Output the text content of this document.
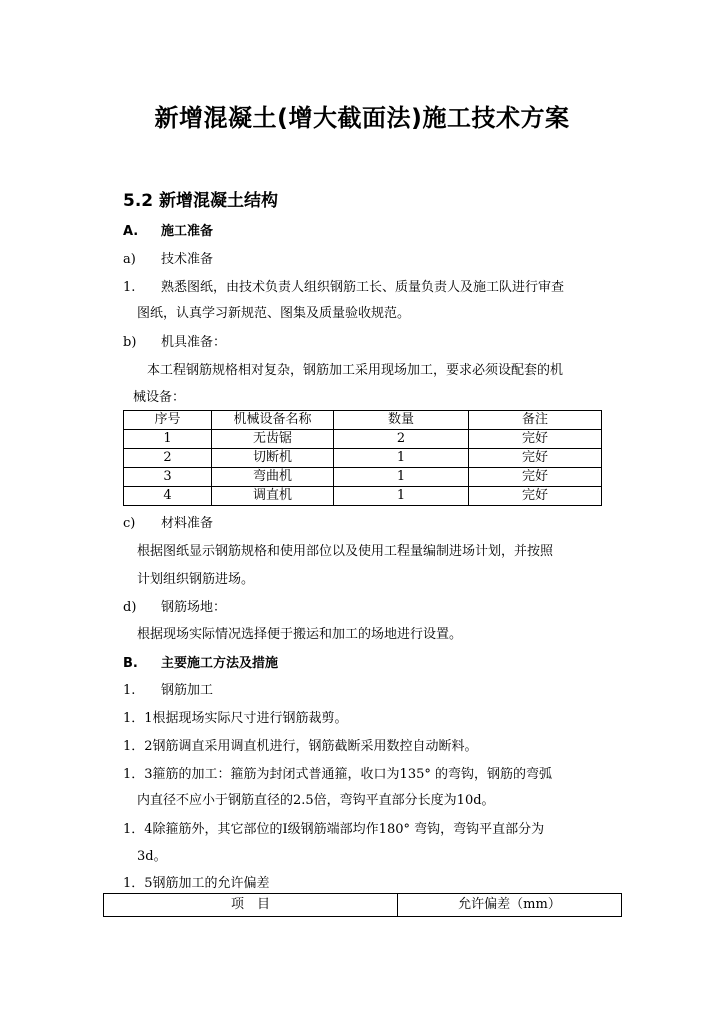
新增混凝土(增大截面法)施工技术方案
5.2 新增混凝土结构
A. 施工准备
a) 技术准备
1. 熟悉图纸，由技术负责人组织钢筋工长、质量负责人及施工队进行审查
图纸，认真学习新规范、图集及质量验收规范。
b) 机具准备：
本工程钢筋规格相对复杂，钢筋加工采用现场加工，要求必须设配套的机
械设备：
序号	机械设备名称	数量	备注
1	无齿锯	2	完好
2	切断机	1	完好
3	弯曲机	1	完好
4	调直机	1	完好
c) 材料准备
根据图纸显示钢筋规格和使用部位以及使用工程量编制进场计划，并按照
计划组织钢筋进场。
d) 钢筋场地：
根据现场实际情况选择便于搬运和加工的场地进行设置。
B. 主要施工方法及措施
1. 钢筋加工
1．1根据现场实际尺寸进行钢筋裁剪。
1．2钢筋调直采用调直机进行，钢筋截断采用数控自动断料。
1．3箍筋的加工：箍筋为封闭式普通箍，收口为135° 的弯钩，钢筋的弯弧
内直径不应小于钢筋直径的2.5倍，弯钩平直部分长度为10d。
1．4除箍筋外，其它部位的Ⅰ级钢筋端部均作180° 弯钩，弯钩平直部分为
3d。
1．5钢筋加工的允许偏差
项　目	允许偏差（mm）
